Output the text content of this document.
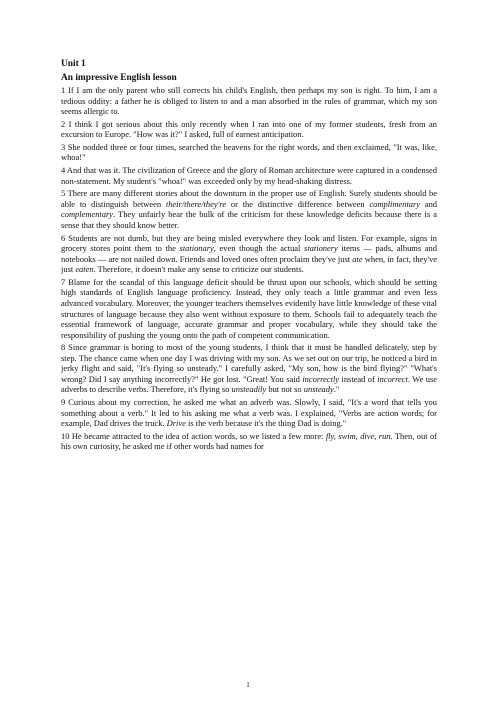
Unit 1
An impressive English lesson

1 If I am the only parent who still corrects his child's English, then perhaps my son is right. To him, I am a tedious oddity: a father he is obliged to listen to and a man absorbed in the rules of grammar, which my son seems allergic to.

2 I think I got serious about this only recently when I ran into one of my former students, fresh from an excursion to Europe. "How was it?" I asked, full of earnest anticipation.

3 She nodded three or four times, searched the heavens for the right words, and then exclaimed, "It was, like, whoa!"

4 And that was it. The civilization of Greece and the glory of Roman architecture were captured in a condensed non-statement. My student's "whoa!" was exceeded only by my head-shaking distress.

5 There are many different stories about the downturn in the proper use of English. Surely students should be able to distinguish between their/there/they're or the distinctive difference between complimentary and complementary. They unfairly bear the bulk of the criticism for these knowledge deficits because there is a sense that they should know better.

6 Students are not dumb, but they are being misled everywhere they look and listen. For example, signs in grocery stores point them to the stationary, even though the actual stationery items — pads, albums and notebooks — are not nailed down. Friends and loved ones often proclaim they've just ate when, in fact, they've just eaten. Therefore, it doesn't make any sense to criticize our students.

7 Blame for the scandal of this language deficit should be thrust upon our schools, which should be setting high standards of English language proficiency. Instead, they only teach a little grammar and even less advanced vocabulary. Moreover, the younger teachers themselves evidently have little knowledge of these vital structures of language because they also went without exposure to them. Schools fail to adequately teach the essential framework of language, accurate grammar and proper vocabulary, while they should take the responsibility of pushing the young onto the path of competent communication.

8 Since grammar is boring to most of the young students, I think that it must be handled delicately, step by step. The chance came when one day I was driving with my son. As we set out on our trip, he noticed a bird in jerky flight and said, "It's flying so unsteady." I carefully asked, "My son, how is the bird flying?" "What's wrong? Did I say anything incorrectly?" He got lost. "Great! You said incorrectly instead of incorrect. We use adverbs to describe verbs. Therefore, it's flying so unsteadily but not so unsteady."

9 Curious about my correction, he asked me what an adverb was. Slowly, I said, "It's a word that tells you something about a verb." It led to his asking me what a verb was. I explained, "Verbs are action words; for example, Dad drives the truck. Drive is the verb because it's the thing Dad is doing."

10 He became attracted to the idea of action words, so we listed a few more: fly, swim, dive, run. Then, out of his own curiosity, he asked me if other words had names for

1
